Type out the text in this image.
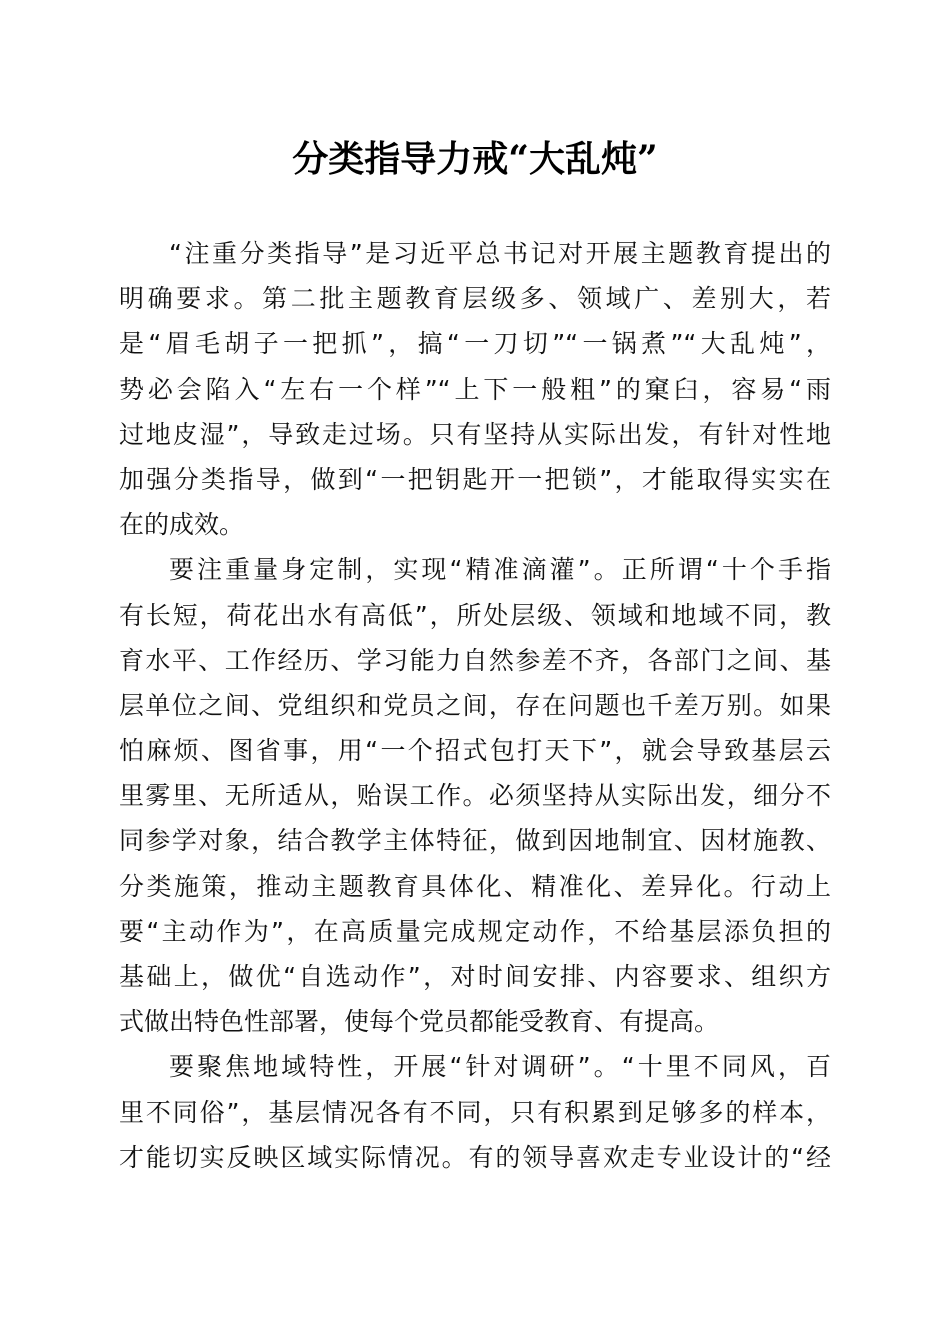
分类指导力戒“大乱炖”
“注重分类指导”是习近平总书记对开展主题教育提出的
明确要求。第二批主题教育层级多、领域广、差别大，若
是“眉毛胡子一把抓”，搞“一刀切”“一锅煮”“大乱炖”，
势必会陷入“左右一个样”“上下一般粗”的窠臼，容易“雨
过地皮湿”，导致走过场。只有坚持从实际出发，有针对性地
加强分类指导，做到“一把钥匙开一把锁”，才能取得实实在
在的成效。
要注重量身定制，实现“精准滴灌”。正所谓“十个手指
有长短，荷花出水有高低”，所处层级、领域和地域不同，教
育水平、工作经历、学习能力自然参差不齐，各部门之间、基
层单位之间、党组织和党员之间，存在问题也千差万别。如果
怕麻烦、图省事，用“一个招式包打天下”，就会导致基层云
里雾里、无所适从，贻误工作。必须坚持从实际出发，细分不
同参学对象，结合教学主体特征，做到因地制宜、因材施教、
分类施策，推动主题教育具体化、精准化、差异化。行动上
要“主动作为”，在高质量完成规定动作，不给基层添负担的
基础上，做优“自选动作”，对时间安排、内容要求、组织方
式做出特色性部署，使每个党员都能受教育、有提高。
要聚焦地域特性，开展“针对调研”。“十里不同风，百
里不同俗”，基层情况各有不同，只有积累到足够多的样本，
才能切实反映区域实际情况。有的领导喜欢走专业设计的“经
